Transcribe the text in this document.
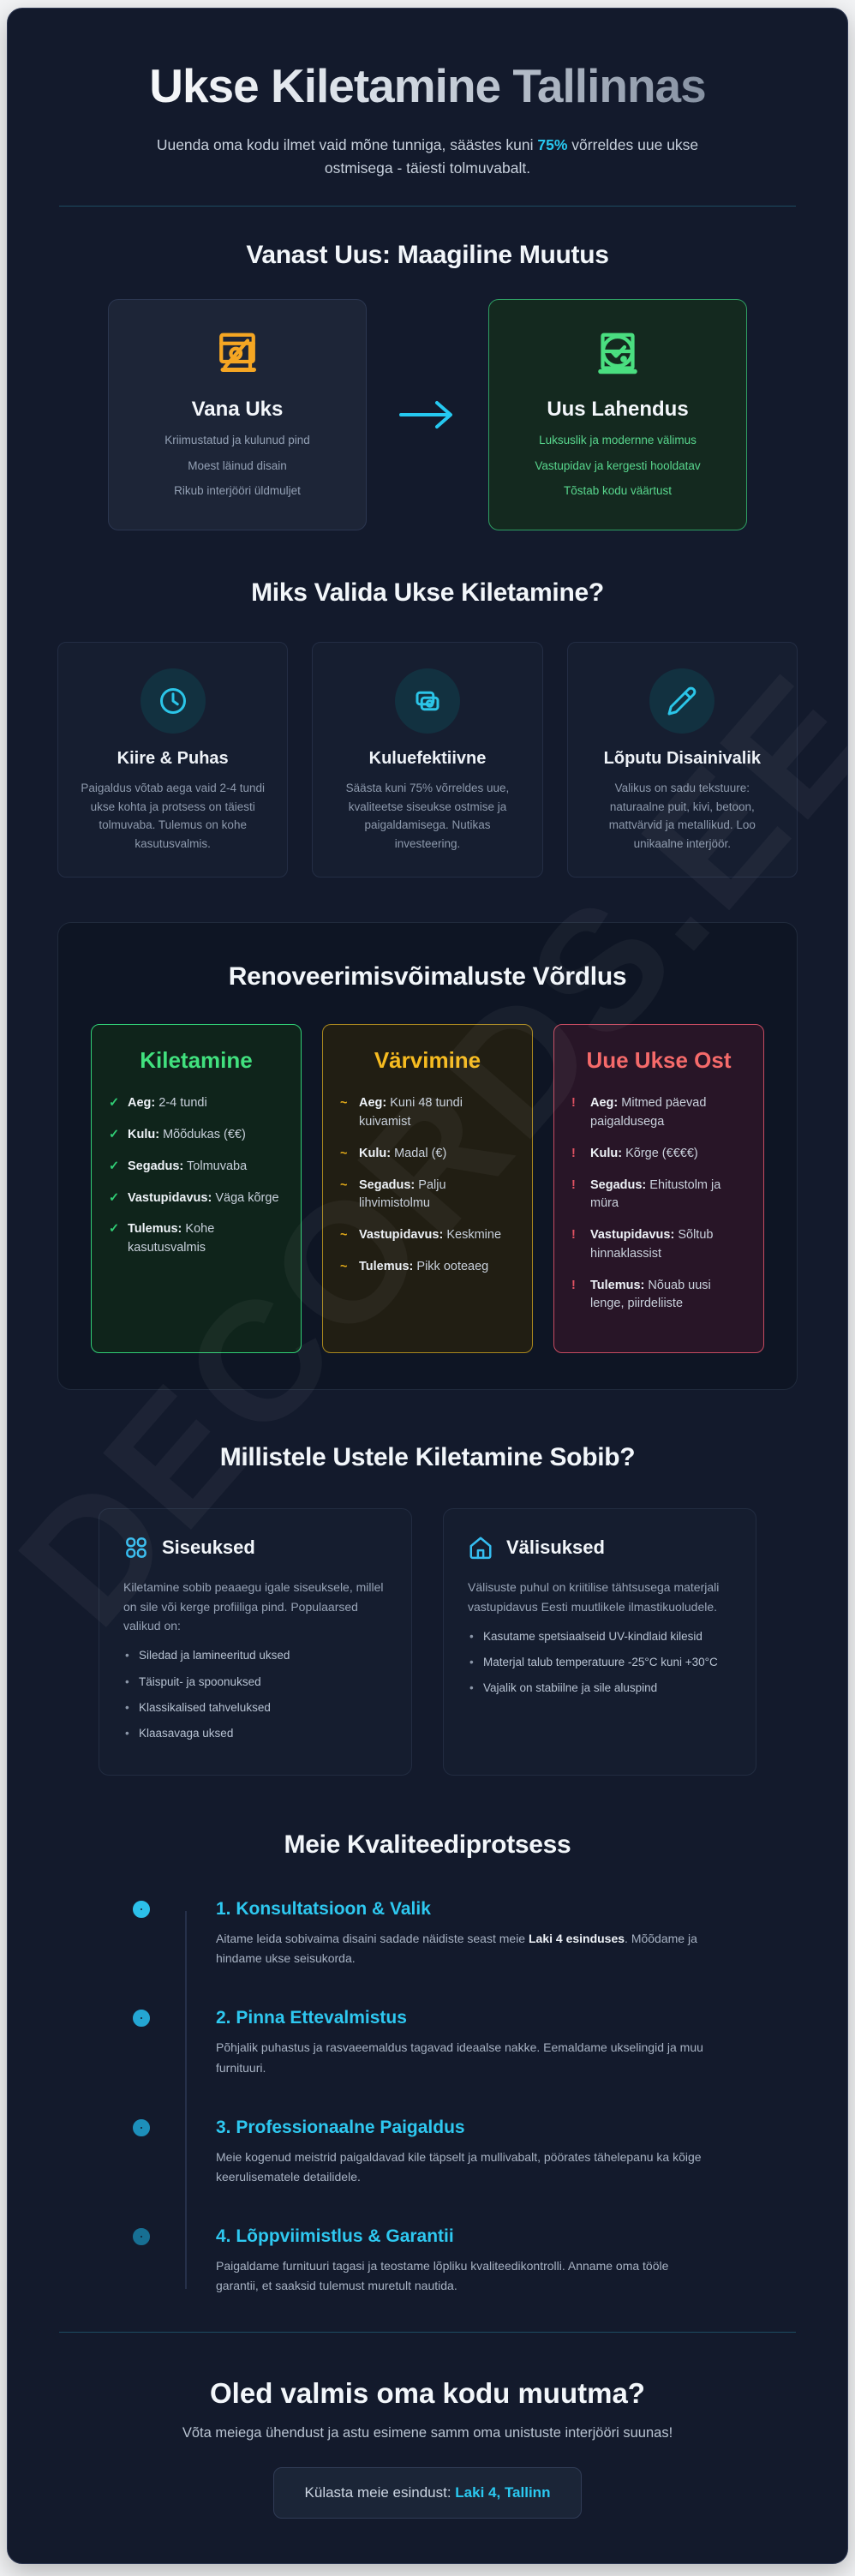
Ukse Kiletamine Tallinnas

Uuenda oma kodu ilmet vaid mõne tunniga, säästes kuni 75% võrreldes uue ukse ostmisega - täiesti tolmuvabalt.

Vanast Uus: Maagiline Muutus
Vana Uks
Kriimustatud ja kulunud pind
Moest läinud disain
Rikub interjööri üldmuljet
Uus Lahendus
Luksuslik ja modernne välimus
Vastupidav ja kergesti hooldatav
Tõstab kodu väärtust
Miks Valida Ukse Kiletamine?
Kiire & Puhas

Paigaldus võtab aega vaid 2-4 tundi ukse kohta ja protsess on täiesti tolmuvaba. Tulemus on kohe kasutusvalmis.

Kuluefektiivne

Säästa kuni 75% võrreldes uue, kvaliteetse siseukse ostmise ja paigaldamisega. Nutikas investeering.

Lõputu Disainivalik

Valikus on sadu tekstuure: naturaalne puit, kivi, betoon, mattvärvid ja metallikud. Loo unikaalne interjöör.

Renoveerimisvõimaluste Võrdlus
Kiletamine
✓ Aeg: 2-4 tundi
✓ Kulu: Mõõdukas (€€)
✓ Segadus: Tolmuvaba
✓ Vastupidavus: Väga kõrge
✓ Tulemus: Kohe kasutusvalmis
Värvimine
~ Aeg: Kuni 48 tundi kuivamist
~ Kulu: Madal (€)
~ Segadus: Palju lihvimistolmu
~ Vastupidavus: Keskmine
~ Tulemus: Pikk ooteaeg
Uue Ukse Ost
!	Aeg: Mitmed päevad paigaldusega
!	Kulu: Kõrge (€€€€)
!	Segadus: Ehitustolm ja müra
!	Vastupidavus: Sõltub hinnaklassist
!	Tulemus: Nõuab uusi lenge, piirdeliiste
Millistele Ustele Kiletamine Sobib?
Siseuksed

Kiletamine sobib peaaegu igale siseuksele, millel on sile või kerge profiiliga pind. Populaarsed valikud on:

• Siledad ja lamineeritud uksed
• Täispuit- ja spoonuksed
• Klassikalised tahveluksed
• Klaasavaga uksed
Välisuksed

Välisuste puhul on kriitilise tähtsusega materjali vastupidavus Eesti muutlikele ilmastikuoludele.

• Kasutame spetsiaalseid UV-kindlaid kilesid
• Materjal talub temperatuure -25°C kuni +30°C
• Vajalik on stabiilne ja sile aluspind
Meie Kvaliteediprotsess
1. Konsultatsioon & Valik

Aitame leida sobivaima disaini sadade näidiste seast meie Laki 4 esinduses. Mõõdame ja hindame ukse seisukorda.

2. Pinna Ettevalmistus

Põhjalik puhastus ja rasvaeemaldus tagavad ideaalse nakke. Eemaldame ukselingid ja muu furnituuri.

3. Professionaalne Paigaldus

Meie kogenud meistrid paigaldavad kile täpselt ja mullivabalt, pöörates tähelepanu ka kõige keerulisematele detailidele.

4. Lõppviimistlus & Garantii

Paigaldame furnituuri tagasi ja teostame lõpliku kvaliteedikontrolli. Anname oma tööle garantii, et saaksid tulemust muretult nautida.

Oled valmis oma kodu muutma?
Võta meiega ühendust ja astu esimene samm oma unistuste interjööri suunas!
Külasta meie esindust: Laki 4, Tallinn
